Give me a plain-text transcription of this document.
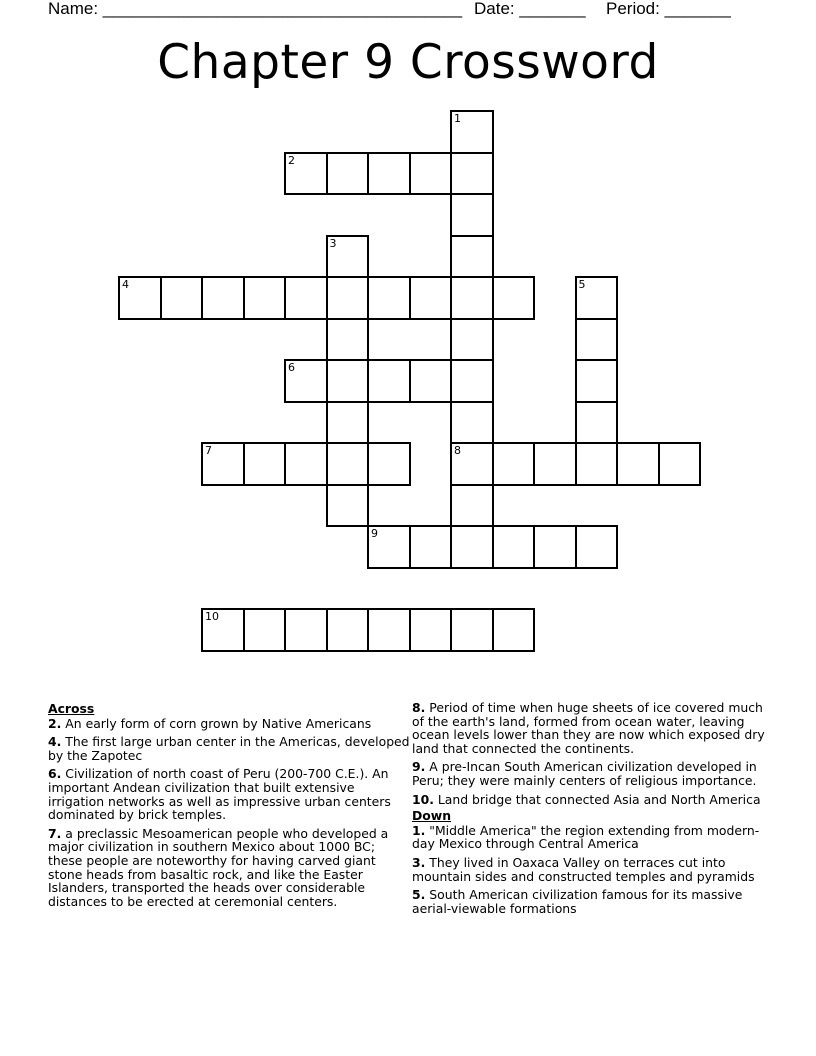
Name: ______________________________________ Date: _______ Period: _______
Chapter 9 Crossword
1
2
3
4	5
6
7	8
9
10
Across
2. An early form of corn grown by Native Americans
4. The first large urban center in the Americas, developed by the Zapotec
6. Civilization of north coast of Peru (200-700 C.E.). An important Andean civilization that built extensive irrigation networks as well as impressive urban centers dominated by brick temples.
7. a preclassic Mesoamerican people who developed a major civilization in southern Mexico about 1000 BC; these people are noteworthy for having carved giant stone heads from basaltic rock, and like the Easter Islanders, transported the heads over considerable distances to be erected at ceremonial centers.
8. Period of time when huge sheets of ice covered much of the earth's land, formed from ocean water, leaving ocean levels lower than they are now which exposed dry land that connected the continents.
9. A pre-Incan South American civilization developed in Peru; they were mainly centers of religious importance.
10. Land bridge that connected Asia and North America
Down
1. "Middle America" the region extending from modern-day Mexico through Central America
3. They lived in Oaxaca Valley on terraces cut into mountain sides and constructed temples and pyramids
5. South American civilization famous for its massive aerial-viewable formations
